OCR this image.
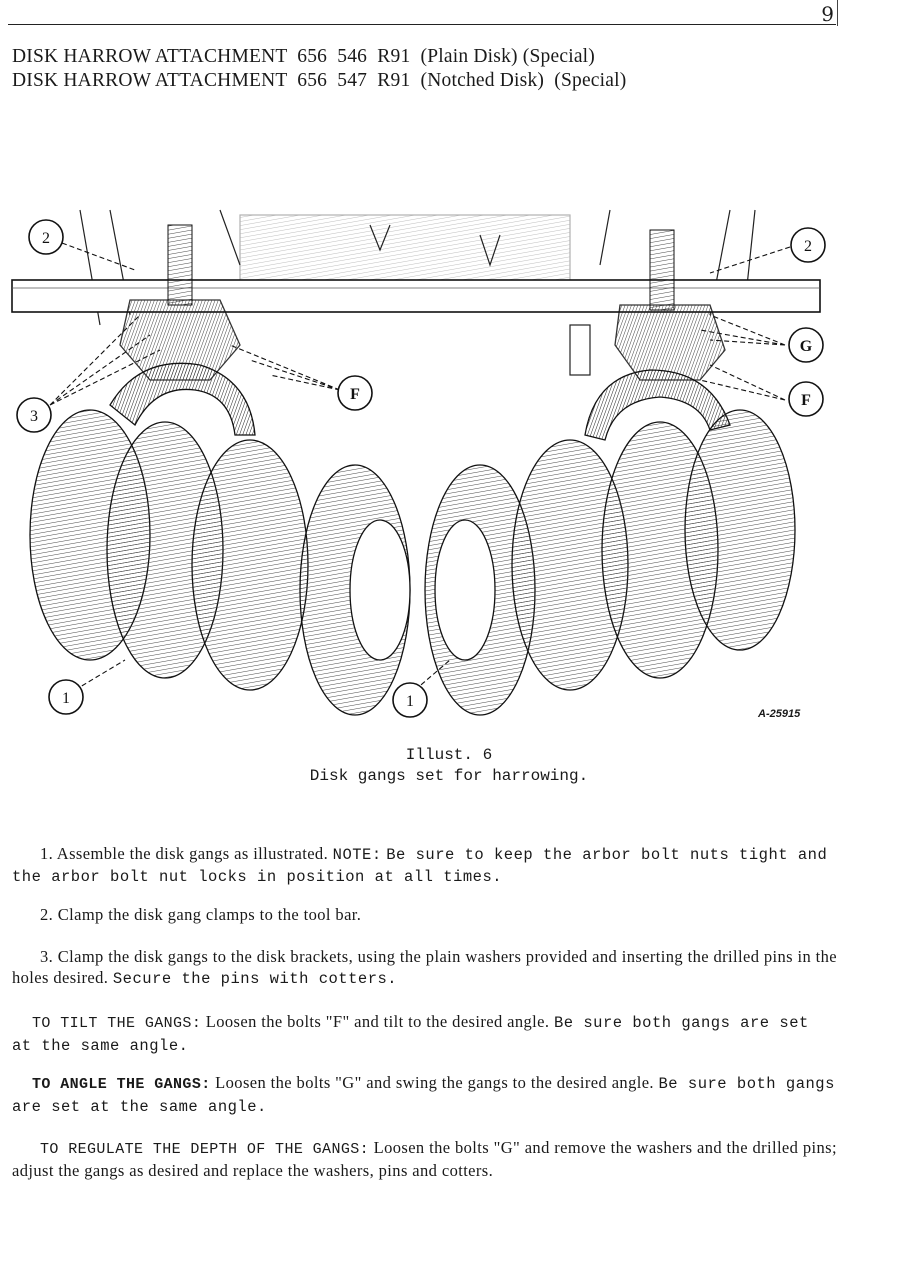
9
DISK HARROW ATTACHMENT  656  546  R91  (Plain Disk) (Special)
DISK HARROW ATTACHMENT  656  547  R91  (Notched Disk)  (Special)
2	2
G
F
3
F
1	1
A-25915
Illust. 6
Disk gangs set for harrowing.
1. Assemble the disk gangs as illustrated. NOTE: Be sure to keep the arbor bolt nuts tight and the arbor bolt nut locks in position at all times.
2. Clamp the disk gang clamps to the tool bar.
3. Clamp the disk gangs to the disk brackets, using the plain washers provided and inserting the drilled pins in the holes desired. Secure the pins with cotters.
TO TILT THE GANGS: Loosen the bolts "F" and tilt to the desired angle. Be sure both gangs are set at the same angle.
TO ANGLE THE GANGS: Loosen the bolts "G" and swing the gangs to the desired angle. Be sure both gangs are set at the same angle.
TO REGULATE THE DEPTH OF THE GANGS: Loosen the bolts "G" and remove the washers and the drilled pins; adjust the gangs as desired and replace the washers, pins and cotters.
